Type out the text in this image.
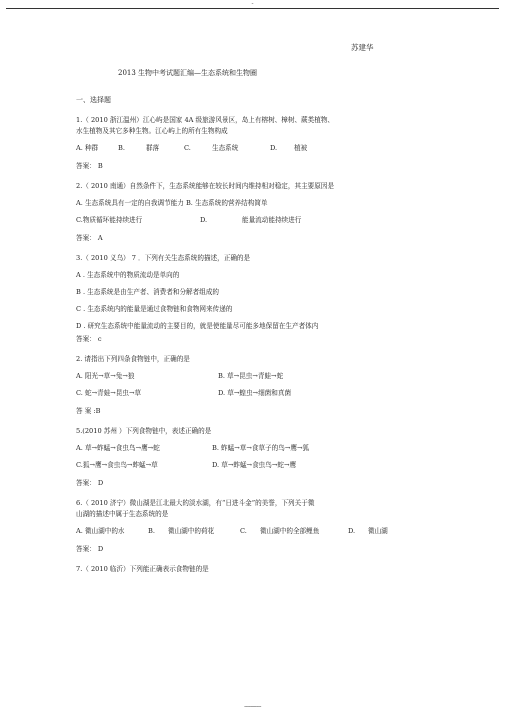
-
苏建华
2013 生物中考试题汇编—生态系统和生物圈
一、选择题

1.（ 2010 浙江温州）江心屿是国家 4A 级旅游风景区，岛上有榕树、樟树、蕨类植物、

水生植物及其它多种生物。江心屿上的所有生物构成

A. 种群	B.	群落	C.	生态系统	D.	植被

答案： B

2.（ 2010 南通）自然条件下，生态系统能够在较长时间内维持相对稳定，其主要原因是

A. 生态系统具有一定的自我调节能力 B. 生态系统的营养结构简单

C.物质循环能持续进行	D.	能量流动能持续进行

答案： A

3.（ 2010 义乌） 7 ．下列有关生态系统的描述，正确的是

A . 生态系统中的物质流动是单向的

B . 生态系统是由生产者、消费者和分解者组成的

C . 生态系统内的能量是通过食物链和食物网来传递的

D . 研究生态系统中能量流动的主要目的，就是使能量尽可能多地保留在生产者体内

答案： c

2. 请指出下列四条食物链中，正确的是

A. 阳光→草→兔→狼	B. 草→昆虫→青蛙→蛇
C. 蛇→青蛙→昆虫→草	D. 草→蝗虫→细菌和真菌

答 案 :B

5.(2010 苏州 ）下列食物链中，表述正确的是

A. 草→蚱蜢→食虫鸟→鹰→蛇	B. 蚱蜢→草→食草子的鸟→鹰→狐
C.狐→鹰→食虫鸟→蚱蜢→草	D. 草→蚱蜢→食虫鸟→蛇→鹰

答案： D

6.（ 2010 济宁）微山湖是江北最大的淡水湖，有“日进斗金”的美誉，下列关于微

山湖的描述中属于生态系统的是

A. 微山湖中的水	B.	微山湖中的荷花	C.	微山湖中的全部鲤鱼	D.	微山湖

答案： D

7.（ 2010 临沂）下列能正确表示食物链的是

-----------
